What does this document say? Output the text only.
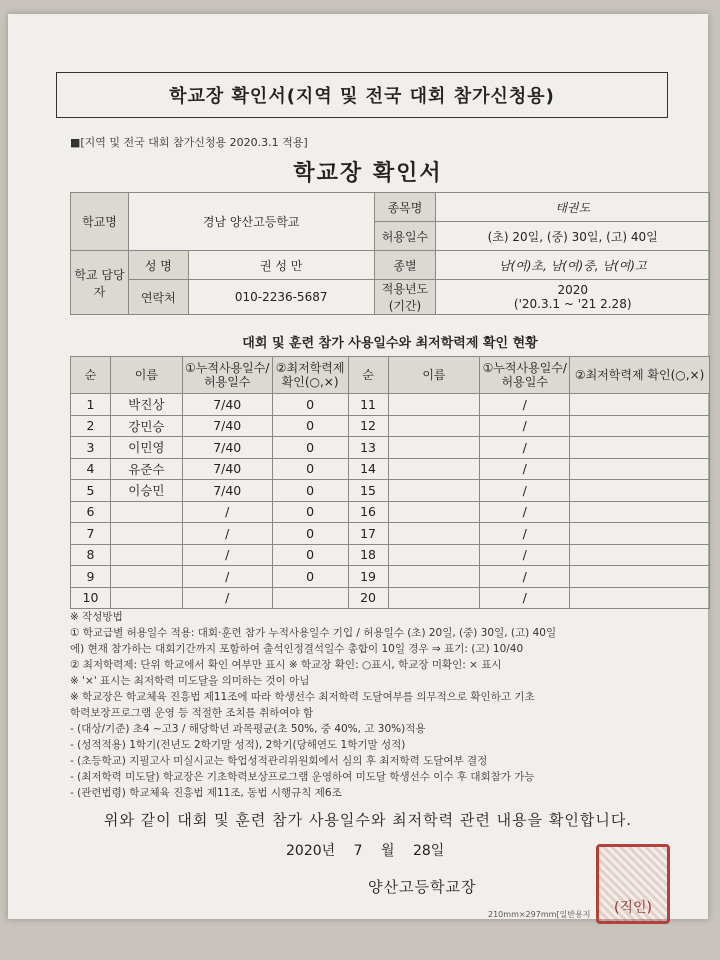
학교장 확인서(지역 및 전국 대회 참가신청용)
■[지역 및 전국 대회 참가신청용 2020.3.1 적용]
학교장 확인서
학교명	경남 양산고등학교		종목명	태권도
			허용일수	(초) 20일, (중) 30일, (고) 40일
학교 담당자	성 명	권 성 만	종별	남(여)초, 남(여)중, 남(여)고
	연락처	010-2236-5687	적용년도 (기간)	2020
('20.3.1 ~ '21 2.28)
대회 및 훈련 참가 사용일수와 최저학력제 확인 현황
순	이름	①누적사용일수/허용일수	②최저학력제 확인(○,×)	순	이름	①누적사용일수/허용일수	②최저학력제 확인(○,×)
1	박진상	7/40	0	11		/	
2	강민승	7/40	0	12		/	
3	이민영	7/40	0	13		/	
4	유준수	7/40	0	14		/	
5	이승민	7/40	0	15		/	
6		/	0	16		/	
7		/	0	17		/	
8		/	0	18		/	
9		/	0	19		/	
10		/		20		/	
※ 작성방법
① 학교급별 허용일수 적용: 대회·훈련 참가 누적사용일수 기입 / 허용일수 (초) 20일, (중) 30일, (고) 40일
에) 현재 참가하는 대회기간까지 포함하여 출석인정결석일수 총합이 10일 경우 ⇒ 표기: (고) 10/40
② 최저학력제: 단위 학교에서 확인 여부만 표시 ※ 학교장 확인: ○표시, 학교장 미확인: × 표시
※ '×' 표시는 최저학력 미도달을 의미하는 것이 아님
※ 학교장은 학교체육 진흥법 제11조에 따라 학생선수 최저학력 도달여부를 의무적으로 확인하고 기초
학력보장프로그램 운영 등 적절한 조치를 취하여야 함
- (대상/기준) 초4 ~고3 / 해당학년 과목평균(초 50%, 중 40%, 고 30%)적용
- (성적적용) 1학기(전년도 2학기말 성적), 2학기(당해연도 1학기말 성적)
- (초등학교) 지필고사 미실시교는 학업성적관리위원회에서 심의 후 최저학력 도달여부 결정
- (최저학력 미도달) 학교장은 기초학력보상프로그램 운영하여 미도달 학생선수 이수 후 대회참가 가능
- (관련법령) 학교체육 진흥법 제11조, 동법 시행규칙 제6조
위와 같이 대회 및 훈련 참가 사용일수와 최저학력 관련 내용을 확인합니다.
2020년 7 월 28일
양산고등학교장
(직인)
210mm×297mm[일반용지
